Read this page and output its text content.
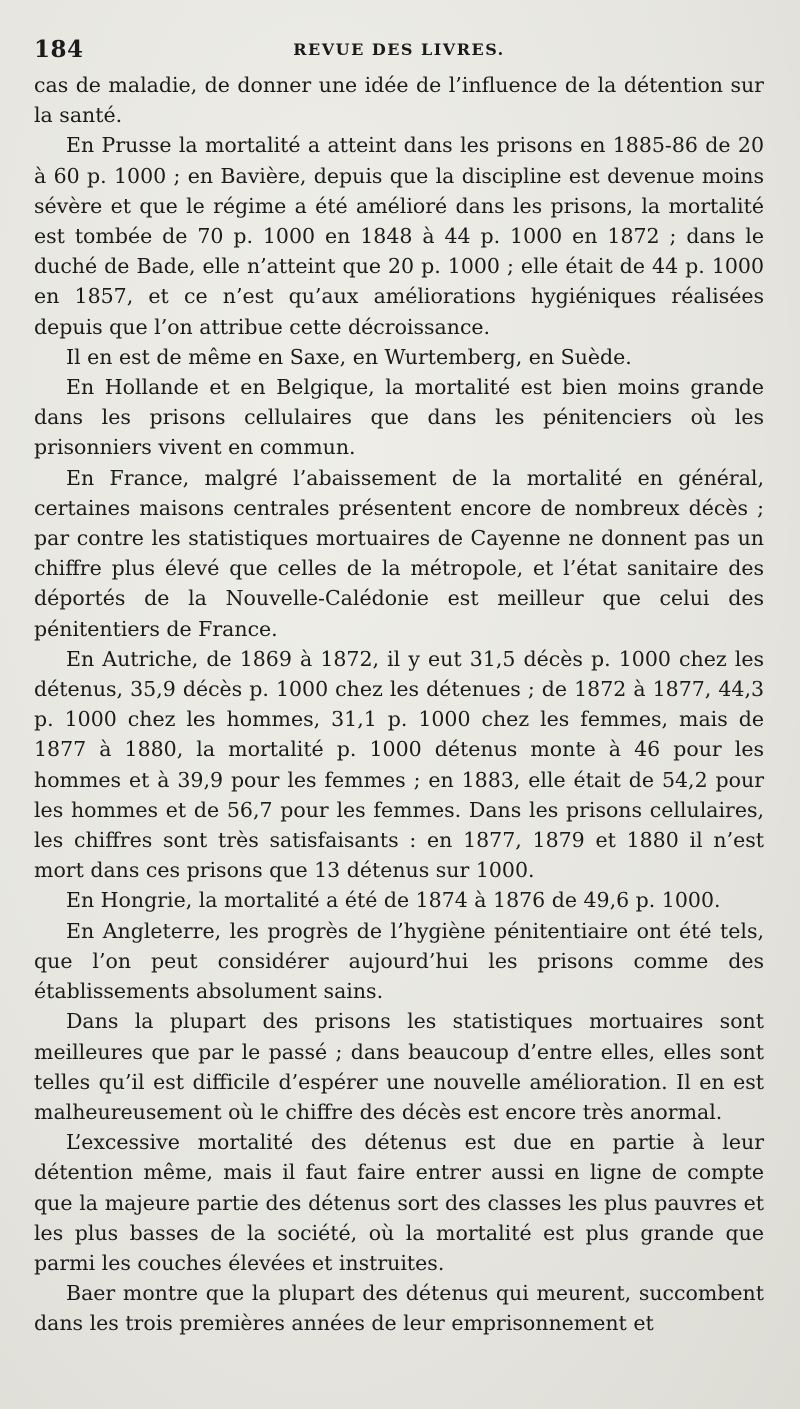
184	REVUE DES LIVRES.

cas de maladie, de donner une idée de l’influence de la détention sur la santé.

En Prusse la mortalité a atteint dans les prisons en 1885-86 de 20 à 60 p. 1000 ; en Bavière, depuis que la discipline est devenue moins sévère et que le régime a été amélioré dans les prisons, la mortalité est tombée de 70 p. 1000 en 1848 à 44 p. 1000 en 1872 ; dans le duché de Bade, elle n’atteint que 20 p. 1000 ; elle était de 44 p. 1000 en 1857, et ce n’est qu’aux améliorations hygiéniques réalisées depuis que l’on attribue cette décroissance.

Il en est de même en Saxe, en Wurtemberg, en Suède.

En Hollande et en Belgique, la mortalité est bien moins grande dans les prisons cellulaires que dans les pénitenciers où les prisonniers vivent en commun.

En France, malgré l’abaissement de la mortalité en général, certaines maisons centrales présentent encore de nombreux décès ; par contre les statistiques mortuaires de Cayenne ne donnent pas un chiffre plus élevé que celles de la métropole, et l’état sanitaire des déportés de la Nouvelle-Calédonie est meilleur que celui des pénitentiers de France.

En Autriche, de 1869 à 1872, il y eut 31,5 décès p. 1000 chez les détenus, 35,9 décès p. 1000 chez les détenues ; de 1872 à 1877, 44,3 p. 1000 chez les hommes, 31,1 p. 1000 chez les femmes, mais de 1877 à 1880, la mortalité p. 1000 détenus monte à 46 pour les hommes et à 39,9 pour les femmes ; en 1883, elle était de 54,2 pour les hommes et de 56,7 pour les femmes. Dans les prisons cellulaires, les chiffres sont très satisfaisants : en 1877, 1879 et 1880 il n’est mort dans ces prisons que 13 détenus sur 1000.

En Hongrie, la mortalité a été de 1874 à 1876 de 49,6 p. 1000.

En Angleterre, les progrès de l’hygiène pénitentiaire ont été tels, que l’on peut considérer aujourd’hui les prisons comme des établissements absolument sains.

Dans la plupart des prisons les statistiques mortuaires sont meilleures que par le passé ; dans beaucoup d’entre elles, elles sont telles qu’il est difficile d’espérer une nouvelle amélioration. Il en est malheureusement où le chiffre des décès est encore très anormal.

L’excessive mortalité des détenus est due en partie à leur détention même, mais il faut faire entrer aussi en ligne de compte que la majeure partie des détenus sort des classes les plus pauvres et les plus basses de la société, où la mortalité est plus grande que parmi les couches élevées et instruites.

Baer montre que la plupart des détenus qui meurent, succombent dans les trois premières années de leur emprisonnement et
